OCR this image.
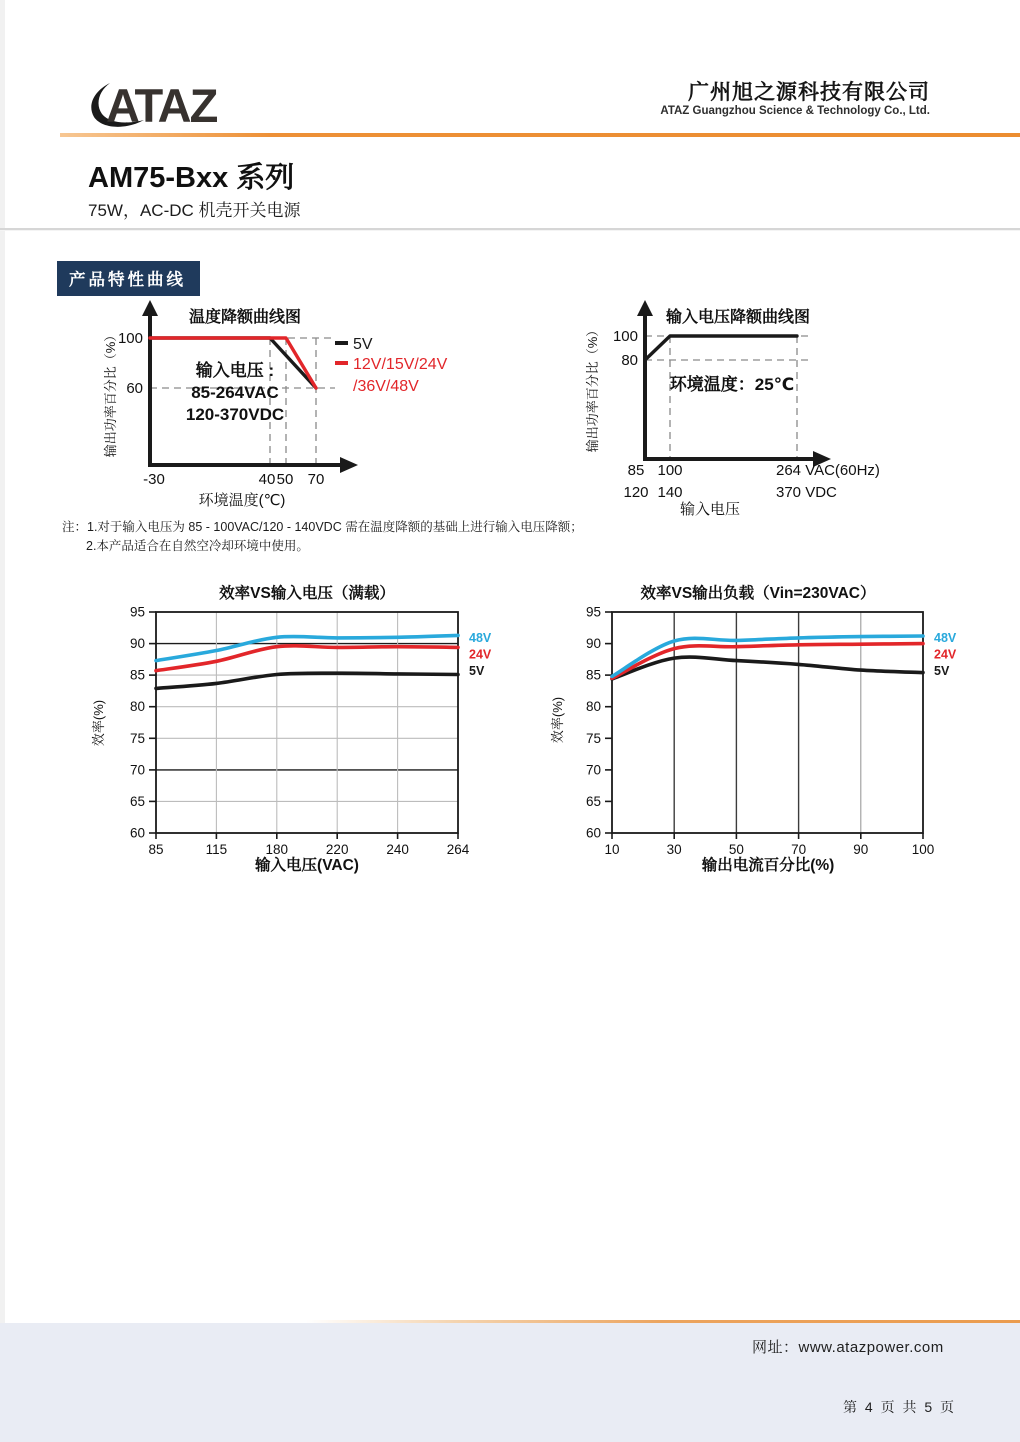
ATAZ	广州旭之源科技有限公司
ATAZ Guangzhou Science & Technology Co., Ltd.
AM75-Bxx 系列
75W，AC-DC 机壳开关电源
产品特性曲线
温度降额曲线图
100
60
-30	40 50 70
环境温度(℃)
输出功率百分比（%）	输入电压 :
85-264VAC
120-370VDC
5V
12V/15V/24V
/36V/48V
输入电压降额曲线图
100
80
85 100	264 VAC(60Hz)
120 140	370 VDC
输入电压
输出功率百分比（%）	环境温度：25℃
注：1.对于输入电压为 85 - 100VAC/120 - 140VDC 需在温度降额的基础上进行输入电压降额；
2.本产品适合在自然空冷却环境中使用。
效率VS输入电压（满载）
输入电压(VAC)
效率(%)
60
65
70
75
80
85
90
95
85	115	180	220	240	264
48V
24V
5V
效率VS输出负载（Vin=230VAC）
输出电流百分比(%)
效率(%)
60
65
70
75
80
85
90
95
10	30	50	70	90	100
48V
24V
5V
网址：www.atazpower.com
第 4 页 共 5 页
